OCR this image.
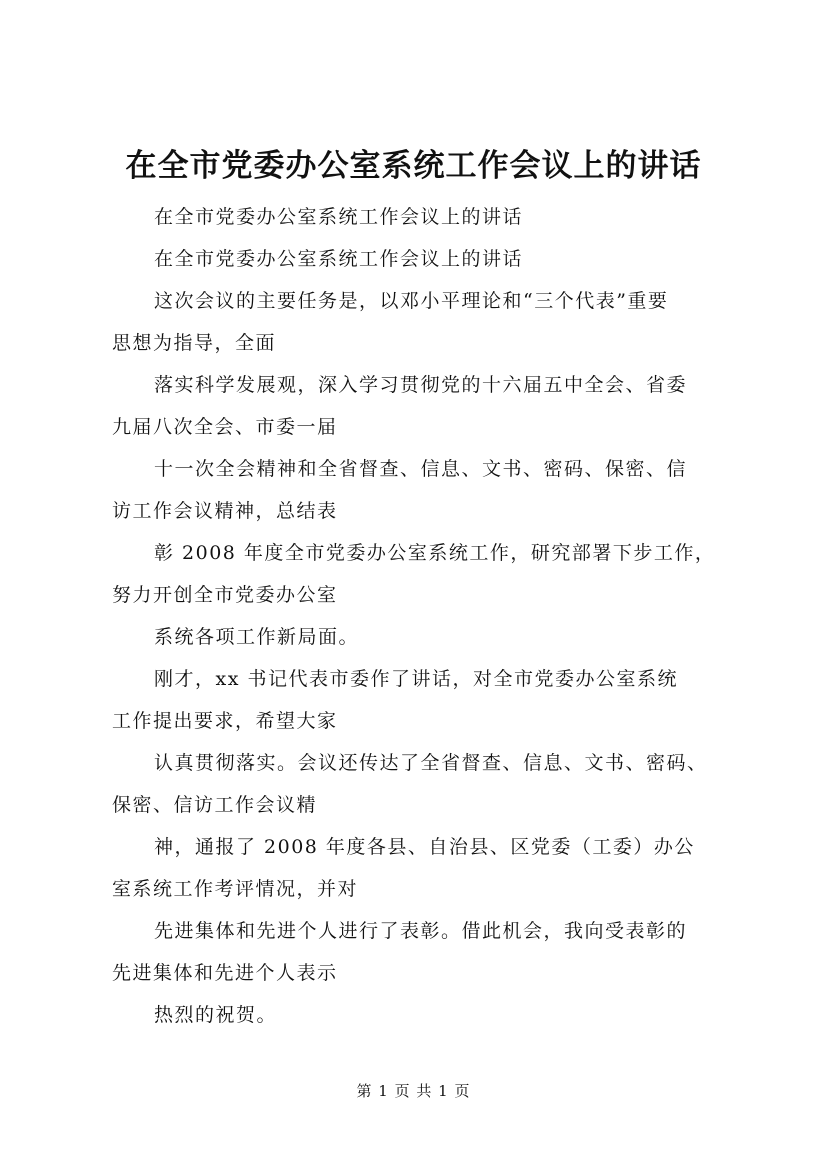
在全市党委办公室系统工作会议上的讲话

在全市党委办公室系统工作会议上的讲话

在全市党委办公室系统工作会议上的讲话

这次会议的主要任务是，以邓小平理论和“三个代表”重要
思想为指导，全面

落实科学发展观，深入学习贯彻党的十六届五中全会、省委
九届八次全会、市委一届

十一次全会精神和全省督查、信息、文书、密码、保密、信
访工作会议精神，总结表

彰 2008 年度全市党委办公室系统工作，研究部署下步工作，
努力开创全市党委办公室

系统各项工作新局面。

刚才，xx 书记代表市委作了讲话，对全市党委办公室系统
工作提出要求，希望大家

认真贯彻落实。会议还传达了全省督查、信息、文书、密码、
保密、信访工作会议精

神，通报了 2008 年度各县、自治县、区党委（工委）办公
室系统工作考评情况，并对

先进集体和先进个人进行了表彰。借此机会，我向受表彰的
先进集体和先进个人表示

热烈的祝贺。

第 1 页 共 1 页
